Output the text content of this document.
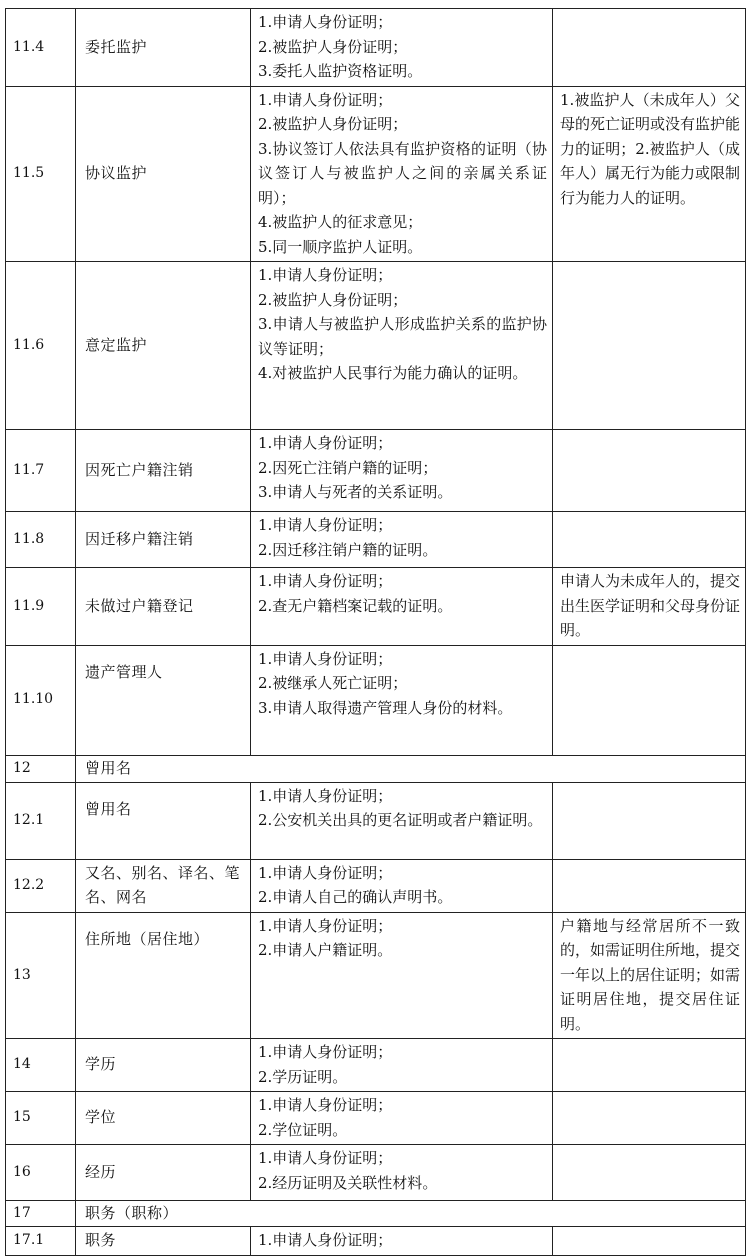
11.4	委托监护	1.申请人身份证明；
2.被监护人身份证明；
3.委托人监护资格证明。	

11.5	协议监护	1.申请人身份证明；
2.被监护人身份证明；
3.协议签订人依法具有监护资格的证明（协议签订人与被监护人之间的亲属关系证明）；
4.被监护人的征求意见；
5.同一顺序监护人证明。	1.被监护人（未成年人）父母的死亡证明或没有监护能力的证明；2.被监护人（成年人）属无行为能力或限制行为能力人的证明。
11.6	意定监护	1.申请人身份证明；
2.被监护人身份证明；
3.申请人与被监护人形成监护关系的监护协议等证明；
4.对被监护人民事行为能力确认的证明。	

11.7	因死亡户籍注销	1.申请人身份证明；
2.因死亡注销户籍的证明；
3.申请人与死者的关系证明。	

11.8	因迁移户籍注销	1.申请人身份证明；
2.因迁移注销户籍的证明。	

11.9	未做过户籍登记	1.申请人身份证明；
2.查无户籍档案记载的证明。	申请人为未成年人的，提交出生医学证明和父母身份证明。
11.10	遗产管理人	1.申请人身份证明；
2.被继承人死亡证明；
3.申请人取得遗产管理人身份的材料。	

12	曾用名		
12.1	曾用名	1.申请人身份证明；
2.公安机关出具的更名证明或者户籍证明。	

12.2	又名、别名、译名、笔名、网名	1.申请人身份证明；
2.申请人自己的确认声明书。	

13	住所地（居住地）	1.申请人身份证明；
2.申请人户籍证明。	户籍地与经常居所不一致的，如需证明住所地，提交一年以上的居住证明；如需证明居住地，提交居住证明。
14	学历	1.申请人身份证明；
2.学历证明。	

15	学位	1.申请人身份证明；
2.学位证明。	

16	经历	1.申请人身份证明；
2.经历证明及关联性材料。	

17	职务（职称）		
17.1	职务	1.申请人身份证明；	
